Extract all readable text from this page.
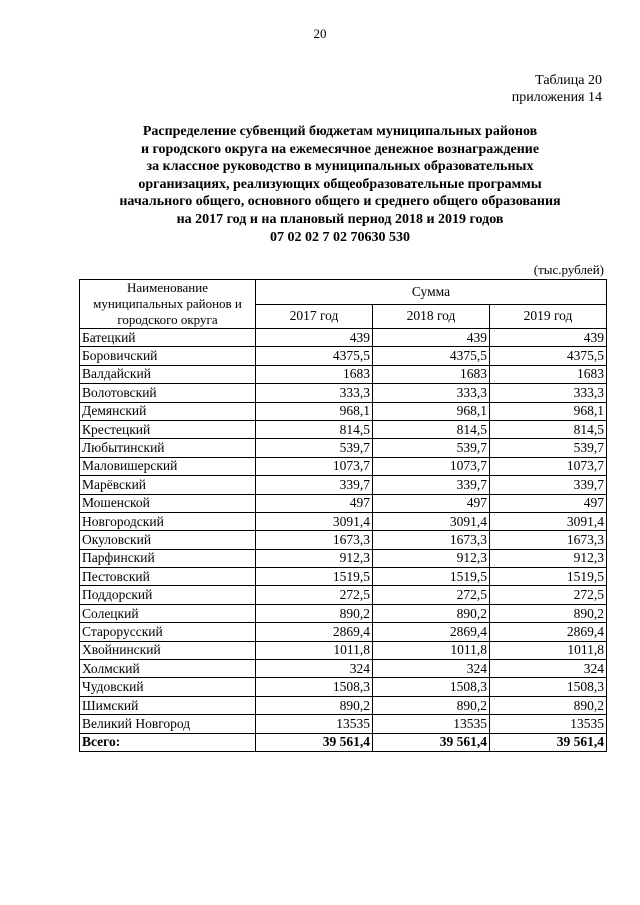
20
Таблица 20
приложения 14
Распределение субвенций бюджетам муниципальных районов
и городского округа на ежемесячное денежное вознаграждение
за классное руководство в муниципальных образовательных
организациях, реализующих общеобразовательные программы
начального общего, основного общего и среднего общего образования
на 2017 год и на плановый период 2018 и 2019 годов
07 02 02 7 02 70630 530
(тыс.рублей)
Наименование
муниципальных районов и
городского округа	Сумма		
	2017 год	2018 год	2019 год
Батецкий	439	439	439
Боровичский	4375,5	4375,5	4375,5
Валдайский	1683	1683	1683
Волотовский	333,3	333,3	333,3
Демянский	968,1	968,1	968,1
Крестецкий	814,5	814,5	814,5
Любытинский	539,7	539,7	539,7
Маловишерский	1073,7	1073,7	1073,7
Марёвский	339,7	339,7	339,7
Мошенской	497	497	497
Новгородский	3091,4	3091,4	3091,4
Окуловский	1673,3	1673,3	1673,3
Парфинский	912,3	912,3	912,3
Пестовский	1519,5	1519,5	1519,5
Поддорский	272,5	272,5	272,5
Солецкий	890,2	890,2	890,2
Старорусский	2869,4	2869,4	2869,4
Хвойнинский	1011,8	1011,8	1011,8
Холмский	324	324	324
Чудовский	1508,3	1508,3	1508,3
Шимский	890,2	890,2	890,2
Великий Новгород	13535	13535	13535
Всего:	39 561,4	39 561,4	39 561,4
